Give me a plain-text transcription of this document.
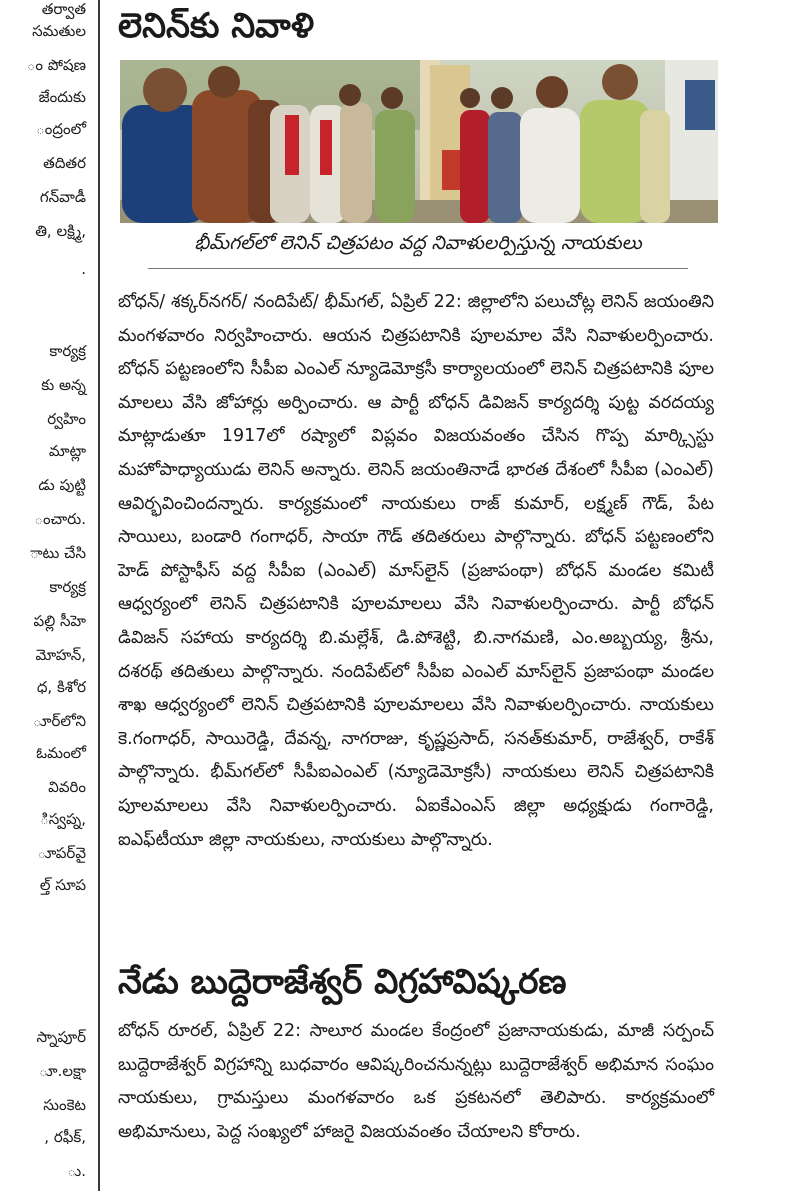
తర్వాత
సమతుల
ం పోషణ
జేందుకు
ంద్రంలో
తదితర
గన్‌వాడీ
తి, లక్ష్మి,
.
కార్యక్ర
కు అన్న
ర్వహిం
మాట్లా
డు పుట్టి
ంచారు.
ాటు చేసి
కార్యక్ర
పల్లి సీహె
మోహన్,
ధ, కిశోర
ూర్‌లోని
ఓమంలో
వివరిం
ిస్వప్న,
ూపర్‌వై
ల్త్ సూప
స్నాపూర్
ూ.లక్షా
సుంకెట
, రఫీక్,
ు.
లెనిన్‌కు నివాళి
భీమ్‌గల్‌లో లెనిన్ చిత్రపటం వద్ద నివాళులర్పిస్తున్న నాయకులు
బోధన్/ శక్కర్‌నగర్/ నందిపేట్/ భీమ్‌గల్, ఏప్రిల్ 22: జిల్లాలోని పలుచోట్ల లెనిన్ జయంతిని మంగళవారం నిర్వహించారు. ఆయన చిత్రపటానికి పూలమాల వేసి నివాళులర్పించారు. బోధన్ పట్టణంలోని సీపీఐ ఎంఎల్ న్యూడెమోక్రసీ కార్యాలయంలో లెనిన్ చిత్రపటానికి పూల మాలలు వేసి జోహార్లు అర్పించారు. ఆ పార్టీ బోధన్ డివిజన్ కార్యదర్శి పుట్ట వరదయ్య మాట్లాడుతూ 1917లో రష్యాలో విప్లవం విజయవంతం చేసిన గొప్ప మార్క్సిస్టు మహోపాధ్యాయుడు లెనిన్ అన్నారు. లెనిన్ జయంతినాడే భారత దేశంలో సీపీఐ (ఎంఎల్) ఆవిర్భవించిందన్నారు. కార్యక్రమంలో నాయకులు రాజ్ కుమార్, లక్ష్మణ్ గౌడ్, పేట సాయిలు, బండారి గంగాధర్, సాయా గౌడ్ తదితరులు పాల్గొన్నారు. బోధన్ పట్టణంలోని హెడ్ పోస్టాఫీస్ వద్ద సీపీఐ (ఎంఎల్) మాస్‌లైన్ (ప్రజాపంథా) బోధన్ మండల కమిటీ ఆధ్వర్యంలో లెనిన్ చిత్రపటానికి పూలమాలలు వేసి నివాళులర్పించారు. పార్టీ బోధన్ డివిజన్ సహాయ కార్యదర్శి బి.మల్లేశ్, డి.పోశెట్టి, బి.నాగమణి, ఎం.అబ్బయ్య, శ్రీను, దశరథ్ తదితులు పాల్గొన్నారు. నందిపేట్‌లో సీపీఐ ఎంఎల్ మాస్‌లైన్ ప్రజాపంథా మండల శాఖ ఆధ్వర్యంలో లెనిన్ చిత్రపటానికి పూలమాలలు వేసి నివాళులర్పించారు. నాయకులు కె.గంగాధర్, సాయిరెడ్డి, దేవన్న, నాగరాజు, కృష్ణప్రసాద్, సనత్‌కుమార్, రాజేశ్వర్, రాకేశ్ పాల్గొన్నారు. భీమ్‌గల్‌లో సీపీఐఎంఎల్ (న్యూడెమోక్రసీ) నాయకులు లెనిన్ చిత్రపటానికి పూలమాలలు వేసి నివాళులర్పించారు. ఏఐకేఎంఎస్ జిల్లా అధ్యక్షుడు గంగారెడ్డి, ఐఎఫ్‌టీయూ జిల్లా నాయకులు, నాయకులు పాల్గొన్నారు.
నేడు బుద్దెరాజేశ్వర్ విగ్రహావిష్కరణ
బోధన్ రూరల్, ఏప్రిల్ 22: సాలూర మండల కేంద్రంలో ప్రజానాయకుడు, మాజీ సర్పంచ్ బుద్దెరాజేశ్వర్ విగ్రహాన్ని బుధవారం ఆవిష్కరించనున్నట్లు బుద్దెరాజేశ్వర్ అభిమాన సంఘం నాయకులు, గ్రామస్తులు మంగళవారం ఒక ప్రకటనలో తెలిపారు. కార్యక్రమంలో అభిమానులు, పెద్ద సంఖ్యలో హాజరై విజయవంతం చేయాలని కోరారు.
